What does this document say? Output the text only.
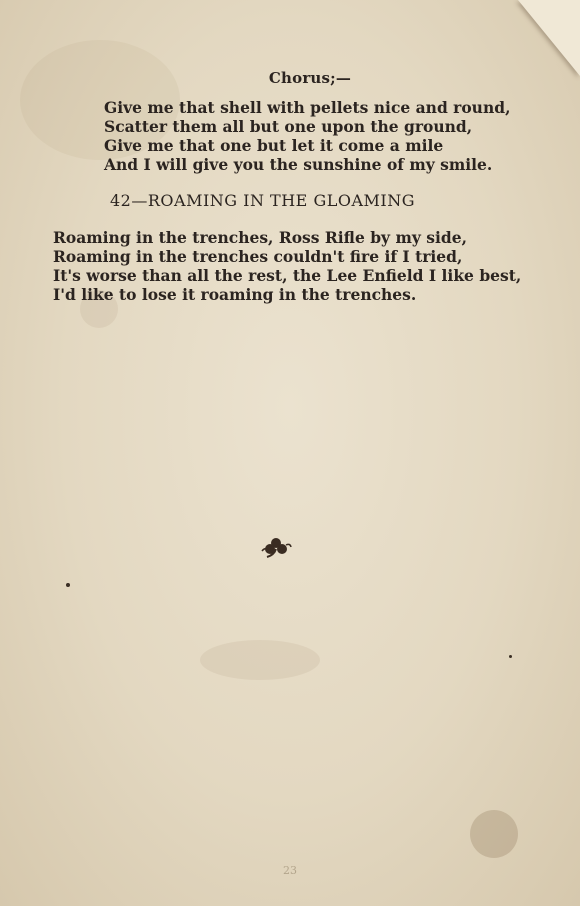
Chorus;—
Give me that shell with pellets nice and round,
Scatter them all but one upon the ground,
Give me that one but let it come a mile
And I will give you the sunshine of my smile.
42—ROAMING IN THE GLOAMING
Roaming in the trenches, Ross Rifle by my side,
Roaming in the trenches couldn't fire if I tried,
It's worse than all the rest, the Lee Enfield I like best,
I'd like to lose it roaming in the trenches.
23
